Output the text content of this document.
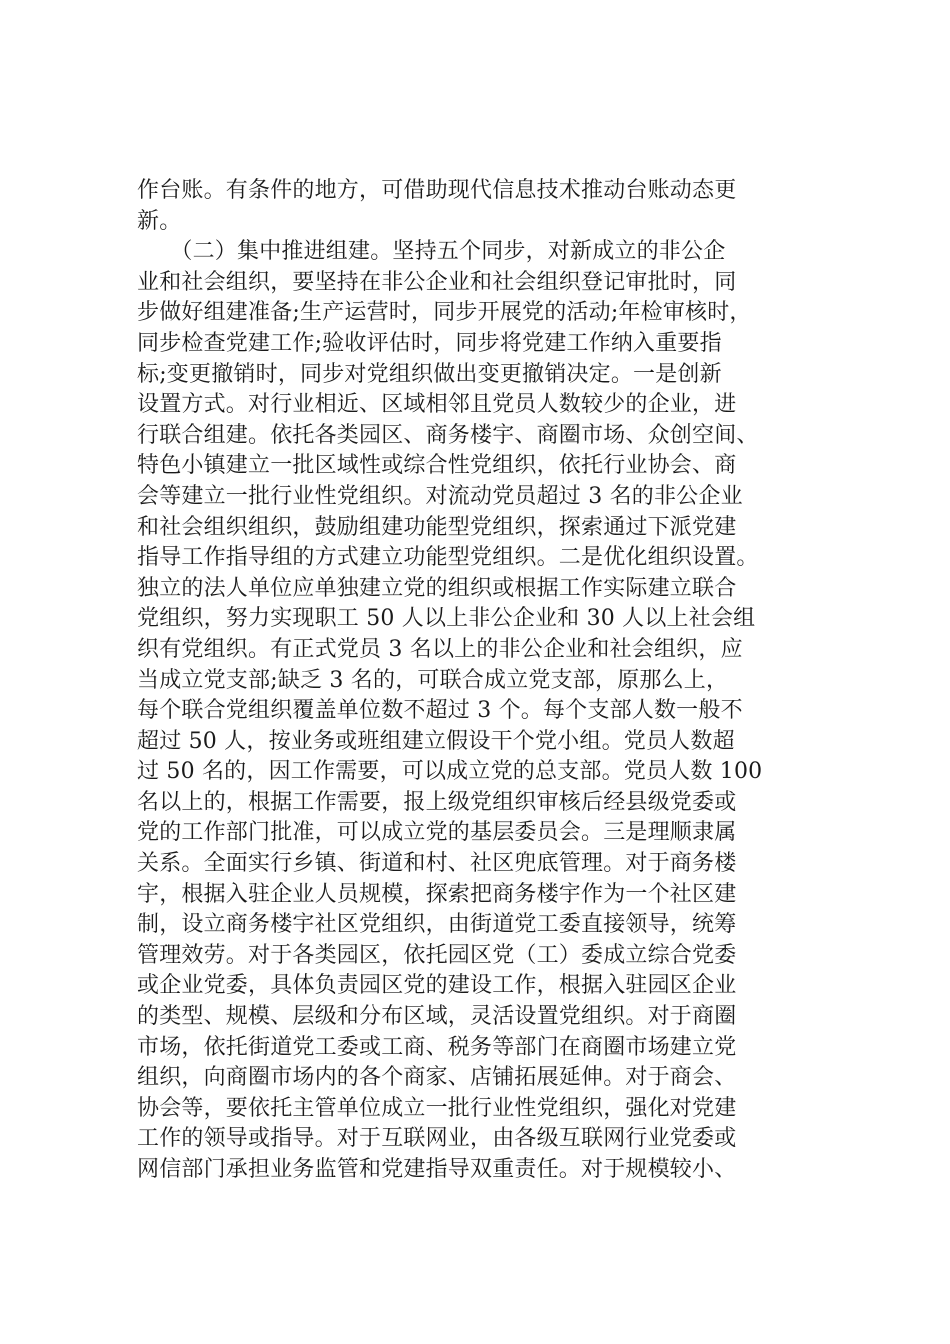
作台账。有条件的地方，可借助现代信息技术推动台账动态更
新。
　　（二）集中推进组建。坚持五个同步，对新成立的非公企
业和社会组织，要坚持在非公企业和社会组织登记审批时，同
步做好组建准备;生产运营时，同步开展党的活动;年检审核时，
同步检查党建工作;验收评估时，同步将党建工作纳入重要指
标;变更撤销时，同步对党组织做出变更撤销决定。一是创新
设置方式。对行业相近、区域相邻且党员人数较少的企业，进
行联合组建。依托各类园区、商务楼宇、商圈市场、众创空间、
特色小镇建立一批区域性或综合性党组织，依托行业协会、商
会等建立一批行业性党组织。对流动党员超过 3 名的非公企业
和社会组织组织，鼓励组建功能型党组织，探索通过下派党建
指导工作指导组的方式建立功能型党组织。二是优化组织设置。
独立的法人单位应单独建立党的组织或根据工作实际建立联合
党组织，努力实现职工 50 人以上非公企业和 30 人以上社会组
织有党组织。有正式党员 3 名以上的非公企业和社会组织，应
当成立党支部;缺乏 3 名的，可联合成立党支部，原那么上，
每个联合党组织覆盖单位数不超过 3 个。每个支部人数一般不
超过 50 人，按业务或班组建立假设干个党小组。党员人数超
过 50 名的，因工作需要，可以成立党的总支部。党员人数 100
名以上的，根据工作需要，报上级党组织审核后经县级党委或
党的工作部门批准，可以成立党的基层委员会。三是理顺隶属
关系。全面实行乡镇、街道和村、社区兜底管理。对于商务楼
宇，根据入驻企业人员规模，探索把商务楼宇作为一个社区建
制，设立商务楼宇社区党组织，由街道党工委直接领导，统筹
管理效劳。对于各类园区，依托园区党（工）委成立综合党委
或企业党委，具体负责园区党的建设工作，根据入驻园区企业
的类型、规模、层级和分布区域，灵活设置党组织。对于商圈
市场，依托街道党工委或工商、税务等部门在商圈市场建立党
组织，向商圈市场内的各个商家、店铺拓展延伸。对于商会、
协会等，要依托主管单位成立一批行业性党组织，强化对党建
工作的领导或指导。对于互联网业，由各级互联网行业党委或
网信部门承担业务监管和党建指导双重责任。对于规模较小、
